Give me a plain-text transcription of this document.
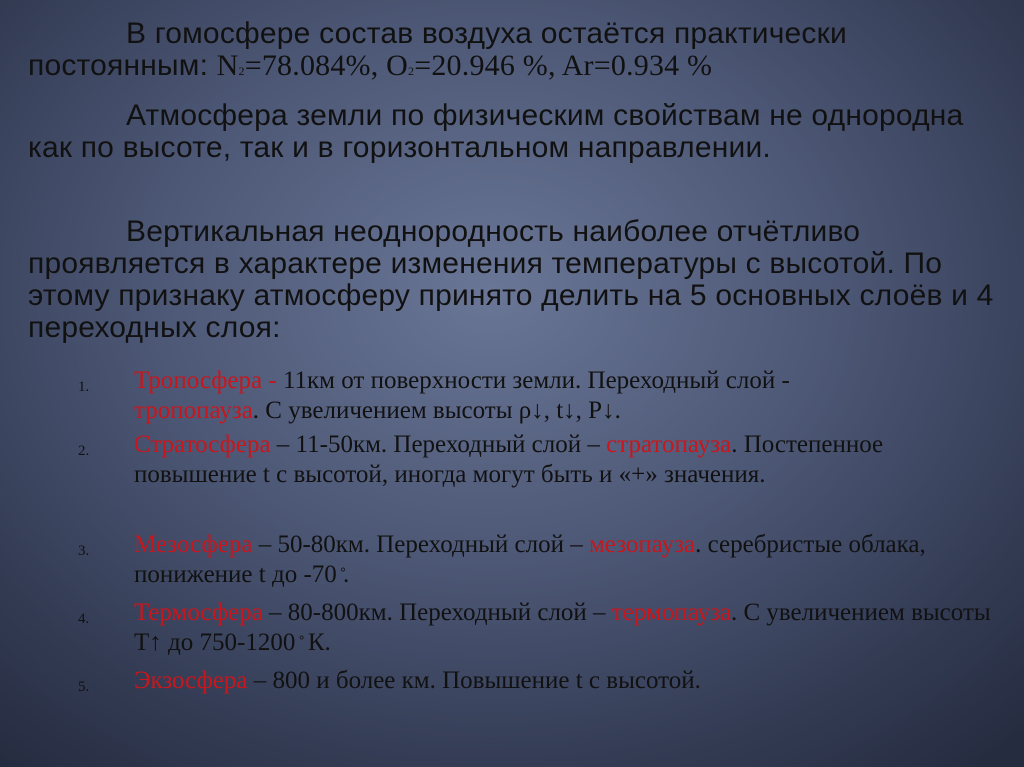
В гомосфере состав воздуха остаётся практически
постоянным: N2=78.084%, O2=20.946 %, Ar=0.934 %

Атмосфера земли по физическим свойствам не однородна как по высоте, так и в горизонтальном направлении.

Вертикальная неоднородность наиболее отчётливо проявляется в характере изменения температуры с высотой. По этому признаку атмосферу принято делить на 5 основных слоёв и 4 переходных слоя:

1.	Тропосфера - 11км от поверхности земли. Переходный слой -
тропопауза. С увеличением высоты ρ↓, t↓, P↓.
2.	Стратосфера – 11-50км. Переходный слой – стратопауза. Постепенное повышение t с высотой, иногда могут быть и «+» значения.
3.	Мезосфера – 50-80км. Переходный слой – мезопауза. серебристые облака, понижение t до -70 .
4.	Термосфера – 80-800км. Переходный слой – термопауза. С увеличением высоты Т↑ до 750-1200 К.
5.	Экзосфера – 800 и более км. Повышение t с высотой.
